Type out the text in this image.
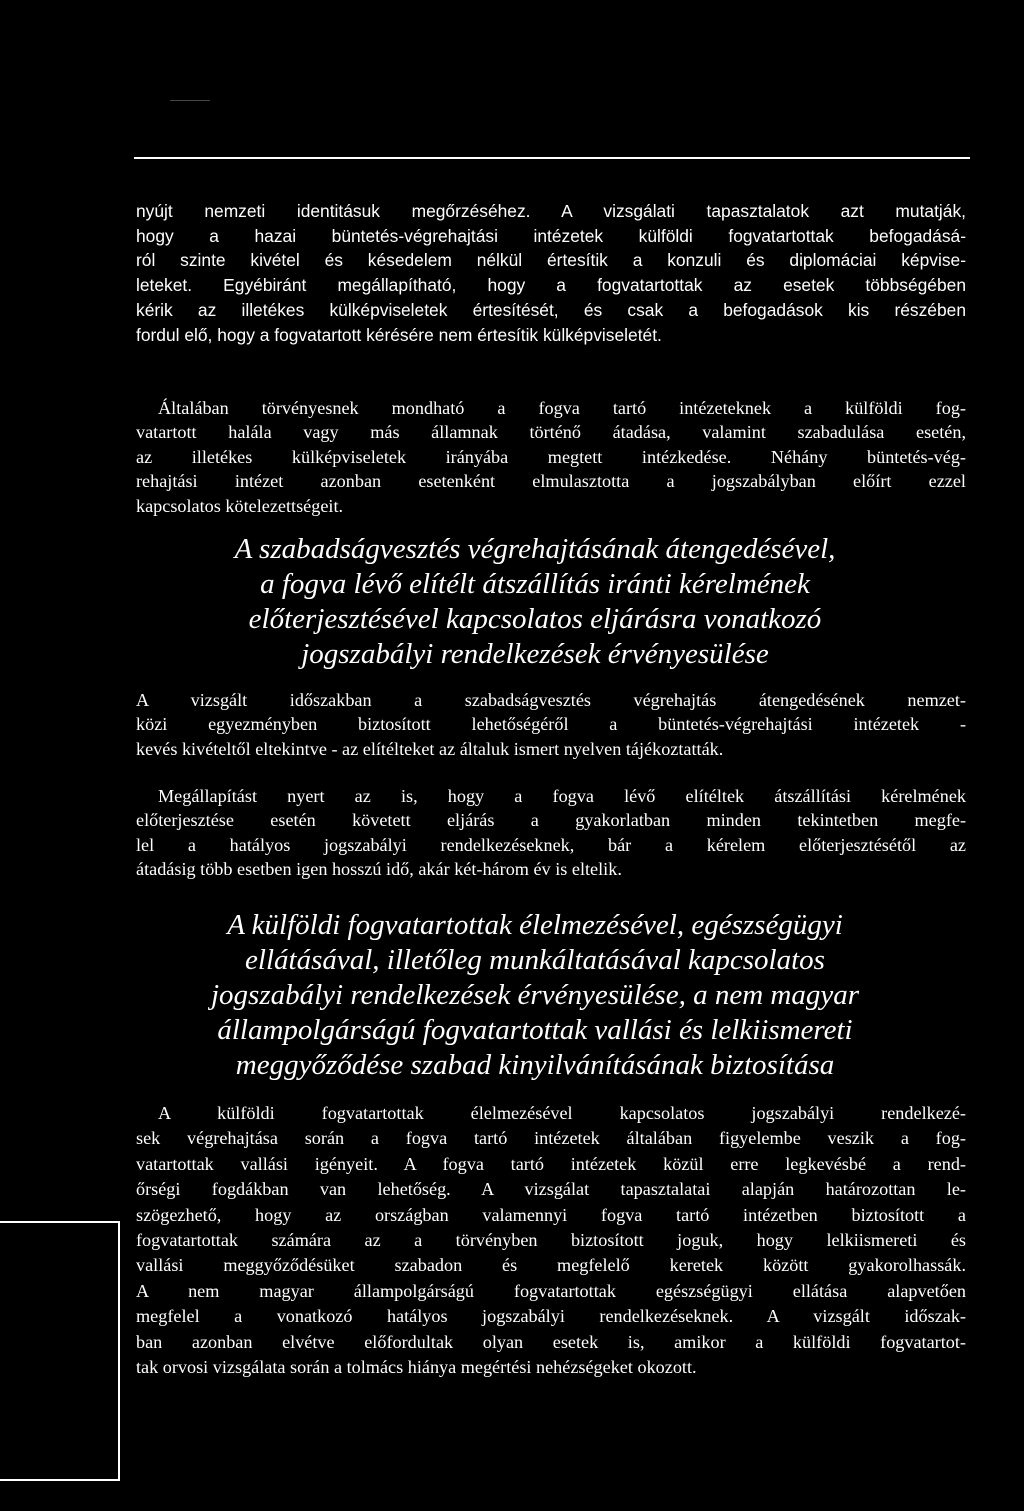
nyújt nemzeti identitásuk megőrzéséhez. A vizsgálati tapasztalatok azt mutatják,
hogy a hazai büntetés-végrehajtási intézetek külföldi fogvatartottak befogadásá-
ról szinte kivétel és késedelem nélkül értesítik a konzuli és diplomáciai képvise-
leteket. Egyébiránt megállapítható, hogy a fogvatartottak az esetek többségében
kérik az illetékes külképviseletek értesítését, és csak a befogadások kis részében
fordul elő, hogy a fogvatartott kérésére nem értesítik külképviseletét.
Általában törvényesnek mondható a fogva tartó intézeteknek a külföldi fog-
vatartott halála vagy más államnak történő átadása, valamint szabadulása esetén,
az illetékes külképviseletek irányába megtett intézkedése. Néhány büntetés-vég-
rehajtási intézet azonban esetenként elmulasztotta a jogszabályban előírt ezzel
kapcsolatos kötelezettségeit.
A szabadságvesztés végrehajtásának átengedésével,
a fogva lévő elítélt átszállítás iránti kérelmének
előterjesztésével kapcsolatos eljárásra vonatkozó
jogszabályi rendelkezések érvényesülése
A vizsgált időszakban a szabadságvesztés végrehajtás átengedésének nemzet-
közi egyezményben biztosított lehetőségéről a büntetés-végrehajtási intézetek -
kevés kivételtől eltekintve - az elítélteket az általuk ismert nyelven tájékoztatták.
Megállapítást nyert az is, hogy a fogva lévő elítéltek átszállítási kérelmének
előterjesztése esetén követett eljárás a gyakorlatban minden tekintetben megfe-
lel a hatályos jogszabályi rendelkezéseknek, bár a kérelem előterjesztésétől az
átadásig több esetben igen hosszú idő, akár két-három év is eltelik.
A külföldi fogvatartottak élelmezésével, egészségügyi
ellátásával, illetőleg munkáltatásával kapcsolatos
jogszabályi rendelkezések érvényesülése, a nem magyar
állampolgárságú fogvatartottak vallási és lelkiismereti
meggyőződése szabad kinyilvánításának biztosítása
A külföldi fogvatartottak élelmezésével kapcsolatos jogszabályi rendelkezé-
sek végrehajtása során a fogva tartó intézetek általában figyelembe veszik a fog-
vatartottak vallási igényeit. A fogva tartó intézetek közül erre legkevésbé a rend-
őrségi fogdákban van lehetőség. A vizsgálat tapasztalatai alapján határozottan le-
szögezhető, hogy az országban valamennyi fogva tartó intézetben biztosított a
fogvatartottak számára az a törvényben biztosított joguk, hogy lelkiismereti és
vallási meggyőződésüket szabadon és megfelelő keretek között gyakorolhassák.
A nem magyar állampolgárságú fogvatartottak egészségügyi ellátása alapvetően
megfelel a vonatkozó hatályos jogszabályi rendelkezéseknek. A vizsgált időszak-
ban azonban elvétve előfordultak olyan esetek is, amikor a külföldi fogvatartot-
tak orvosi vizsgálata során a tolmács hiánya megértési nehézségeket okozott.
